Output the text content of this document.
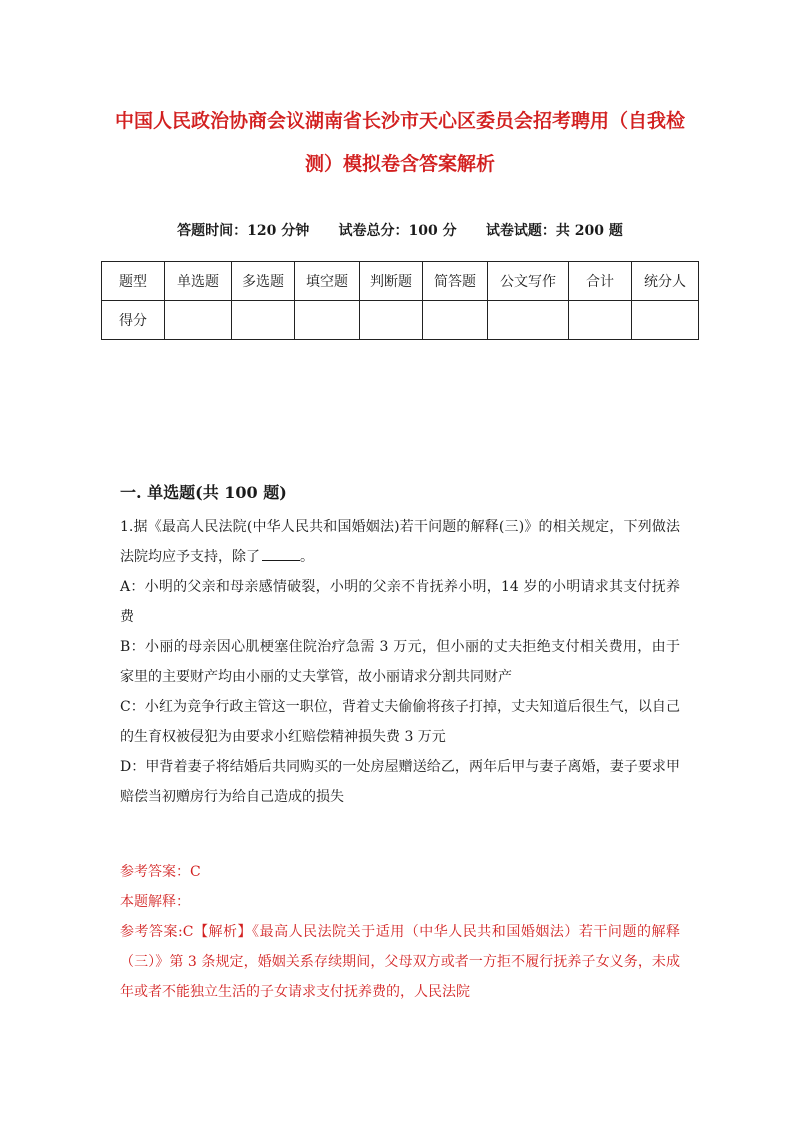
中国人民政治协商会议湖南省长沙市天心区委员会招考聘用（自我检测）模拟卷含答案解析
答题时间：120 分钟      试卷总分：100 分      试卷试题：共 200 题
题型	单选题	多选题	填空题	判断题	简答题	公文写作	合计	统分人
得分								
一. 单选题(共 100 题)

1.据《最高人民法院(中华人民共和国婚姻法)若干问题的解释(三)》的相关规定，下列做法法院均应予支持，除了	。

A：小明的父亲和母亲感情破裂，小明的父亲不肯抚养小明，14 岁的小明请求其支付抚养费

B：小丽的母亲因心肌梗塞住院治疗急需 3 万元，但小丽的丈夫拒绝支付相关费用，由于家里的主要财产均由小丽的丈夫掌管，故小丽请求分割共同财产

C：小红为竞争行政主管这一职位，背着丈夫偷偷将孩子打掉，丈夫知道后很生气，以自己的生育权被侵犯为由要求小红赔偿精神损失费 3 万元

D：甲背着妻子将结婚后共同购买的一处房屋赠送给乙，两年后甲与妻子离婚，妻子要求甲赔偿当初赠房行为给自己造成的损失

参考答案：C

本题解释：

参考答案:C【解析】《最高人民法院关于适用（中华人民共和国婚姻法）若干问题的解释（三）》第 3 条规定，婚姻关系存续期间，父母双方或者一方拒不履行抚养子女义务，未成年或者不能独立生活的子女请求支付抚养费的，人民法院
